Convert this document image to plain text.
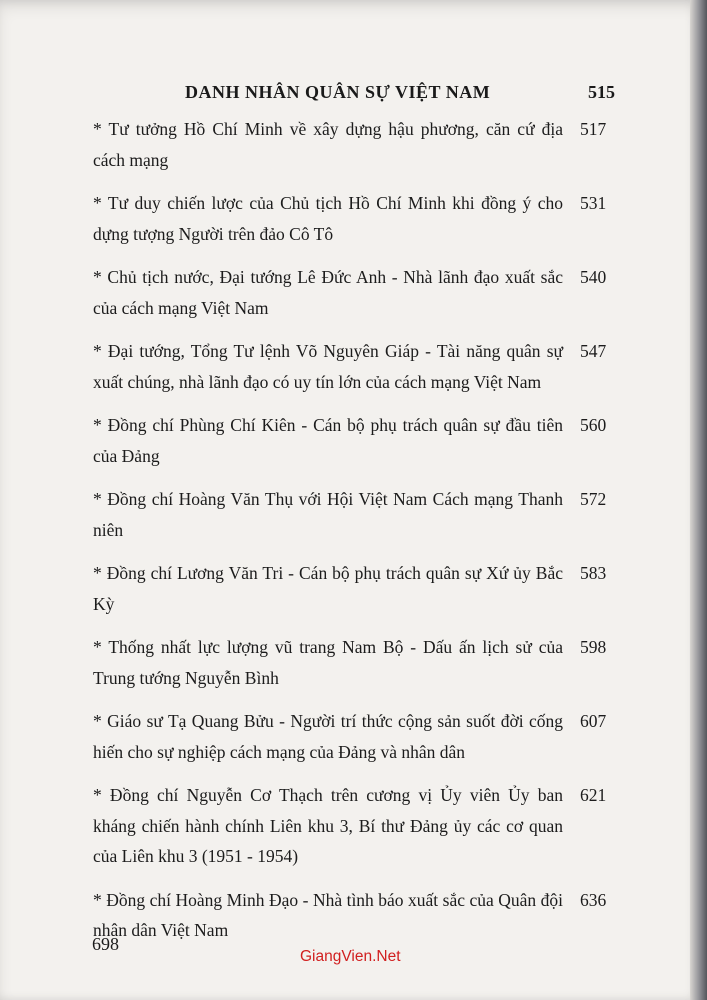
DANH NHÂN QUÂN SỰ VIỆT NAM	515
* Tư tưởng Hồ Chí Minh về xây dựng hậu phương, căn cứ địa cách mạng
517
* Tư duy chiến lược của Chủ tịch Hồ Chí Minh khi đồng ý cho dựng tượng Người trên đảo Cô Tô
531
* Chủ tịch nước, Đại tướng Lê Đức Anh - Nhà lãnh đạo xuất sắc của cách mạng Việt Nam
540
* Đại tướng, Tổng Tư lệnh Võ Nguyên Giáp - Tài năng quân sự xuất chúng, nhà lãnh đạo có uy tín lớn của cách mạng Việt Nam
547
* Đồng chí Phùng Chí Kiên - Cán bộ phụ trách quân sự đầu tiên của Đảng
560
* Đồng chí Hoàng Văn Thụ với Hội Việt Nam Cách mạng Thanh niên
572
* Đồng chí Lương Văn Tri - Cán bộ phụ trách quân sự Xứ ủy Bắc Kỳ
583
* Thống nhất lực lượng vũ trang Nam Bộ - Dấu ấn lịch sử của Trung tướng Nguyễn Bình
598
* Giáo sư Tạ Quang Bửu - Người trí thức cộng sản suốt đời cống hiến cho sự nghiệp cách mạng của Đảng và nhân dân
607
* Đồng chí Nguyễn Cơ Thạch trên cương vị Ủy viên Ủy ban kháng chiến hành chính Liên khu 3, Bí thư Đảng ủy các cơ quan của Liên khu 3 (1951 - 1954)
621
* Đồng chí Hoàng Minh Đạo - Nhà tình báo xuất sắc của Quân đội nhân dân Việt Nam
636
698
GiangVien.Net
